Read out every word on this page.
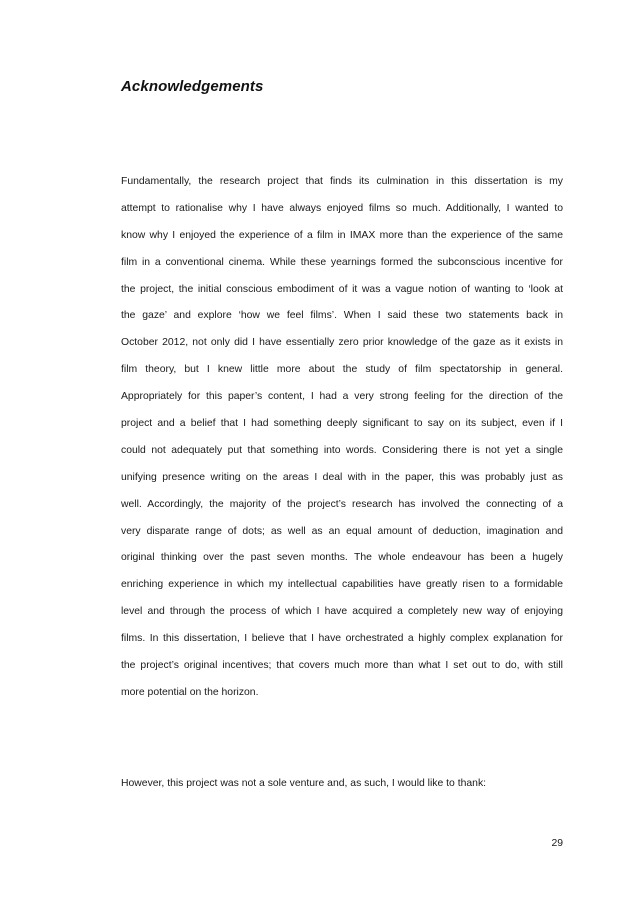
Acknowledgements
Fundamentally, the research project that finds its culmination in this dissertation is my
attempt to rationalise why I have always enjoyed films so much. Additionally, I wanted to
know why I enjoyed the experience of a film in IMAX more than the experience of the same
film in a conventional cinema. While these yearnings formed the subconscious incentive for
the project, the initial conscious embodiment of it was a vague notion of wanting to ‘look at
the gaze’ and explore ‘how we feel films’. When I said these two statements back in
October 2012, not only did I have essentially zero prior knowledge of the gaze as it exists in
film theory, but I knew little more about the study of film spectatorship in general.
Appropriately for this paper’s content, I had a very strong feeling for the direction of the
project and a belief that I had something deeply significant to say on its subject, even if I
could not adequately put that something into words. Considering there is not yet a single
unifying presence writing on the areas I deal with in the paper, this was probably just as
well. Accordingly, the majority of the project’s research has involved the connecting of a
very disparate range of dots; as well as an equal amount of deduction, imagination and
original thinking over the past seven months. The whole endeavour has been a hugely
enriching experience in which my intellectual capabilities have greatly risen to a formidable
level and through the process of which I have acquired a completely new way of enjoying
films. In this dissertation, I believe that I have orchestrated a highly complex explanation for
the project’s original incentives; that covers much more than what I set out to do, with still
more potential on the horizon.
However, this project was not a sole venture and, as such, I would like to thank:
29
